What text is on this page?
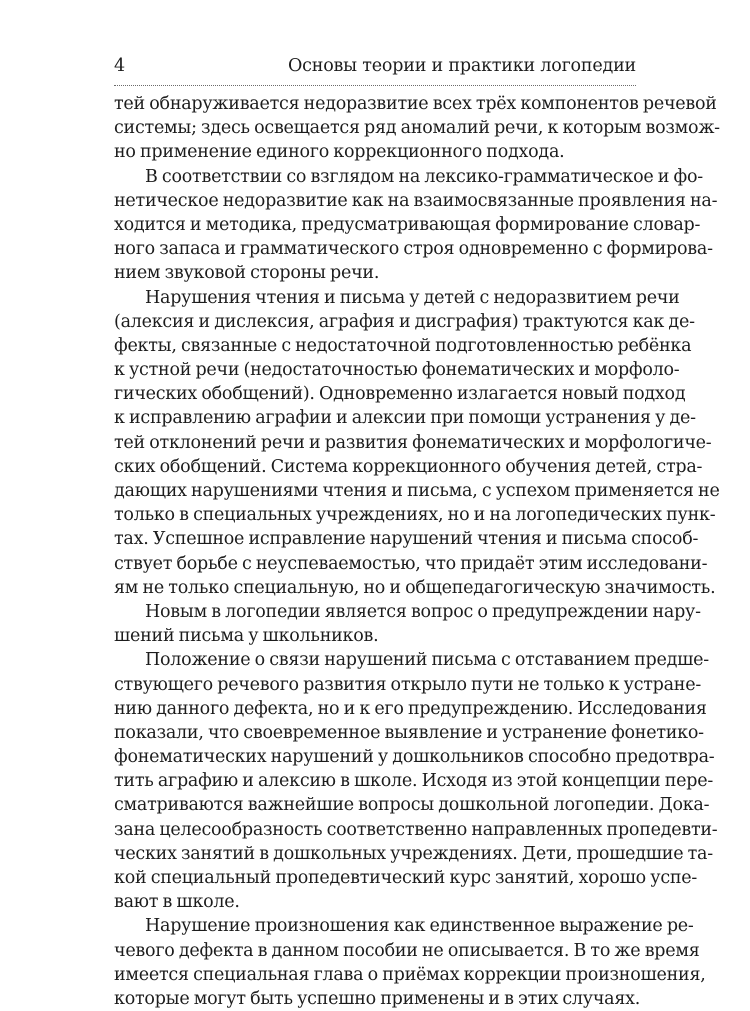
4	Основы теории и практики логопедии
тей обнаруживается недоразвитие всех трёх компонентов речевой
системы; здесь освещается ряд аномалий речи, к которым возмож-
но применение единого коррекционного подхода.
В соответствии со взглядом на лексико-грамматическое и фо-
нетическое недоразвитие как на взаимосвязанные проявления на-
ходится и методика, предусматривающая формирование словар-
ного запаса и грамматического строя одновременно с формирова-
нием звуковой стороны речи.
Нарушения чтения и письма у детей с недоразвитием речи
(алексия и дислексия, аграфия и дисграфия) трактуются как де-
фекты, связанные с недостаточной подготовленностью ребёнка
к устной речи (недостаточностью фонематических и морфоло-
гических обобщений). Одновременно излагается новый подход
к исправлению аграфии и алексии при помощи устранения у де-
тей отклонений речи и развития фонематических и морфологиче-
ских обобщений. Система коррекционного обучения детей, стра-
дающих нарушениями чтения и письма, с успехом применяется не
только в специальных учреждениях, но и на логопедических пунк-
тах. Успешное исправление нарушений чтения и письма способ-
ствует борьбе с неуспеваемостью, что придаёт этим исследовани-
ям не только специальную, но и общепедагогическую значимость.
Новым в логопедии является вопрос о предупреждении нару-
шений письма у школьников.
Положение о связи нарушений письма с отставанием предше-
ствующего речевого развития открыло пути не только к устране-
нию данного дефекта, но и к его предупреждению. Исследования
показали, что своевременное выявление и устранение фонетико-
фонематических нарушений у дошкольников способно предотвра-
тить аграфию и алексию в школе. Исходя из этой концепции пере-
сматриваются важнейшие вопросы дошкольной логопедии. Дока-
зана целесообразность соответственно направленных пропедевти-
ческих занятий в дошкольных учреждениях. Дети, прошедшие та-
кой специальный пропедевтический курс занятий, хорошо успе-
вают в школе.
Нарушение произношения как единственное выражение ре-
чевого дефекта в данном пособии не описывается. В то же время
имеется специальная глава о приёмах коррекции произношения,
которые могут быть успешно применены и в этих случаях.
